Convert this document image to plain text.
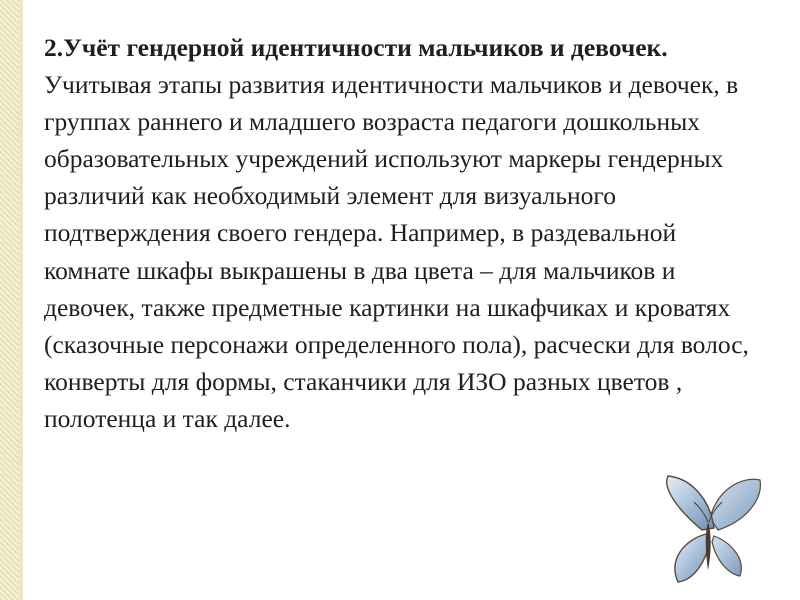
2.Учёт гендерной идентичности мальчиков и девочек. Учитывая этапы развития идентичности мальчиков и девочек, в группах раннего и младшего возраста педагоги дошкольных образовательных учреждений используют маркеры гендерных различий как необходимый элемент для визуального подтверждения своего гендера. Например, в раздевальной комнате шкафы выкрашены в два цвета – для мальчиков и девочек, также предметные картинки на шкафчиках и кроватях (сказочные персонажи определенного пола), расчески для волос, конверты для формы, стаканчики для ИЗО разных цветов , полотенца и так далее.
